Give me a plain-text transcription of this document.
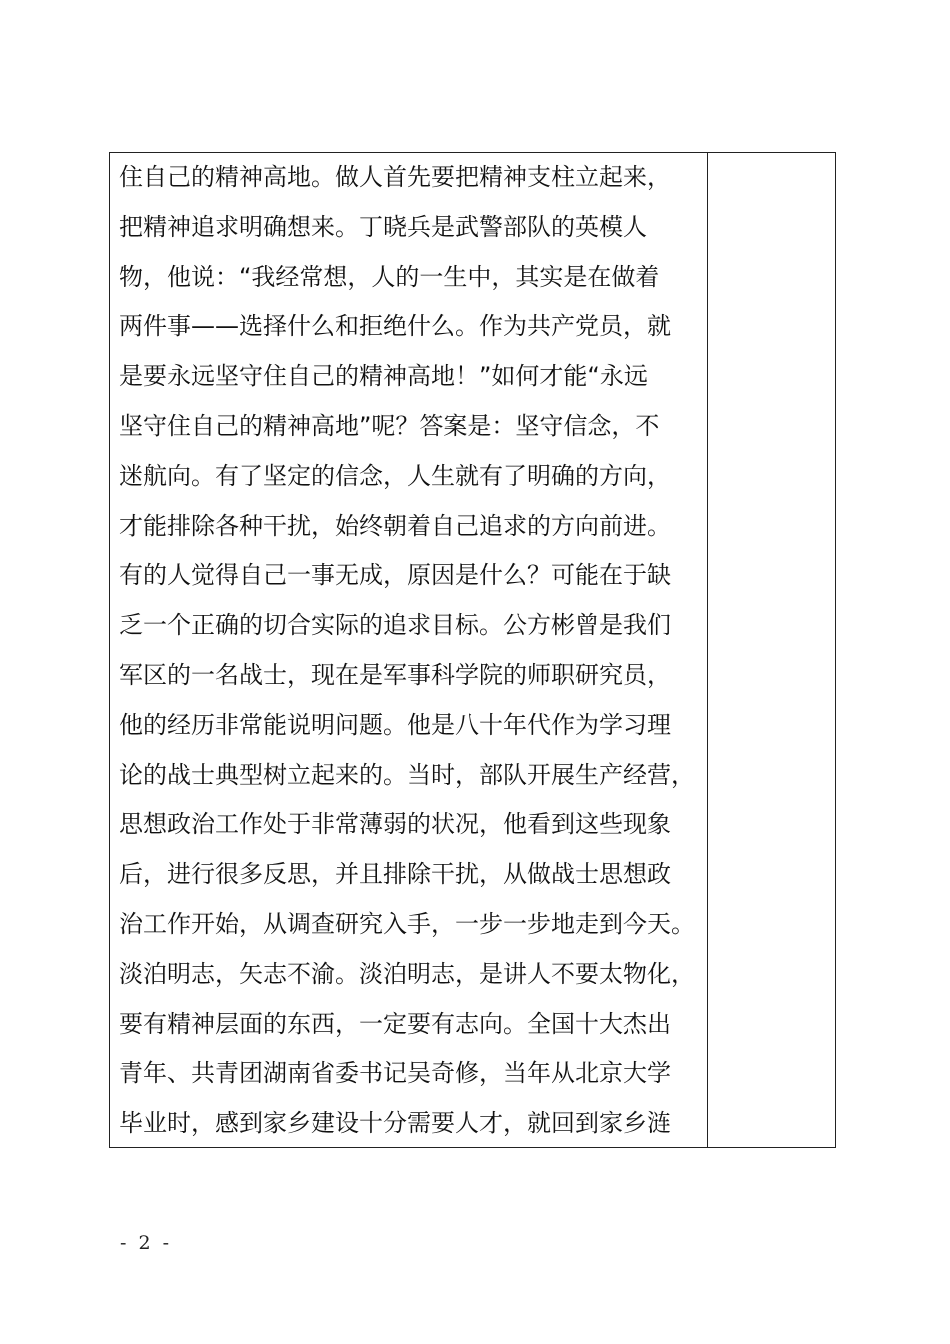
住自己的精神高地。做人首先要把精神支柱立起来，
把精神追求明确想来。丁晓兵是武警部队的英模人
物，他说：“我经常想，人的一生中，其实是在做着
两件事——选择什么和拒绝什么。作为共产党员，就
是要永远坚守住自己的精神高地！”如何才能“永远
坚守住自己的精神高地”呢？答案是：坚守信念，不
迷航向。有了坚定的信念，人生就有了明确的方向，
才能排除各种干扰，始终朝着自己追求的方向前进。
有的人觉得自己一事无成，原因是什么？可能在于缺
乏一个正确的切合实际的追求目标。公方彬曾是我们
军区的一名战士，现在是军事科学院的师职研究员，
他的经历非常能说明问题。他是八十年代作为学习理
论的战士典型树立起来的。当时，部队开展生产经营，
思想政治工作处于非常薄弱的状况，他看到这些现象
后，进行很多反思，并且排除干扰，从做战士思想政
治工作开始，从调查研究入手，一步一步地走到今天。
淡泊明志，矢志不渝。淡泊明志，是讲人不要太物化，
要有精神层面的东西，一定要有志向。全国十大杰出
青年、共青团湖南省委书记吴奇修，当年从北京大学
毕业时，感到家乡建设十分需要人才，就回到家乡涟
- 2 -
